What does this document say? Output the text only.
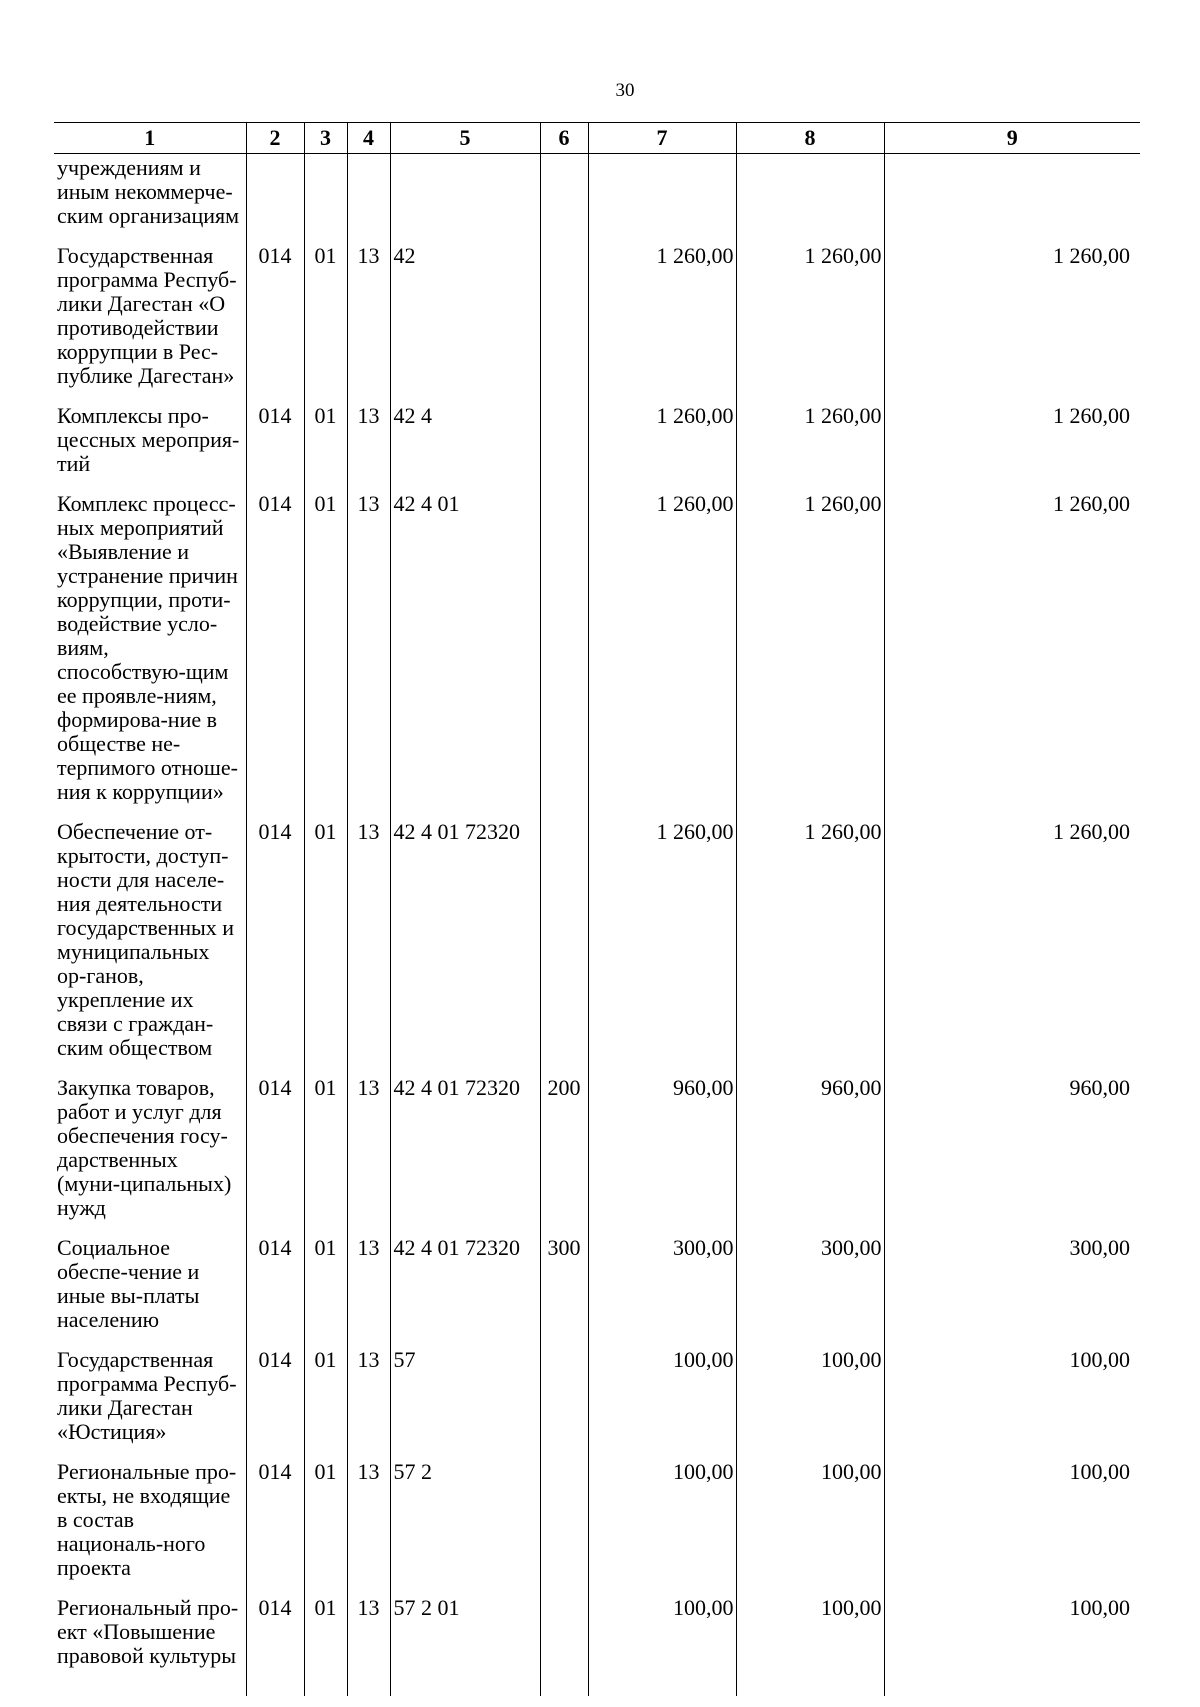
30
1	2	3	4	5	6	7	8	9
учреждениям и иным некоммерче-ским организациям								
Государственная программа Респуб-лики Дагестан «О противодействии коррупции в Рес-публике Дагестан»	014	01	13	42		1 260,00	1 260,00	1 260,00
Комплексы про-цессных мероприя-тий	014	01	13	42 4		1 260,00	1 260,00	1 260,00
Комплекс процесс-ных мероприятий «Выявление и устранение причин коррупции, проти-водействие усло-виям, способствую-щим ее проявле-ниям, формирова-ние в обществе не-терпимого отноше-ния к коррупции»	014	01	13	42 4 01		1 260,00	1 260,00	1 260,00
Обеспечение от-крытости, доступ-ности для населе-ния деятельности государственных и муниципальных ор-ганов, укрепление их связи с граждан-ским обществом	014	01	13	42 4 01 72320		1 260,00	1 260,00	1 260,00
Закупка товаров, работ и услуг для обеспечения госу-дарственных (муни-ципальных) нужд	014	01	13	42 4 01 72320	200	960,00	960,00	960,00
Социальное обеспе-чение и иные вы-платы населению	014	01	13	42 4 01 72320	300	300,00	300,00	300,00
Государственная программа Респуб-лики Дагестан «Юстиция»	014	01	13	57		100,00	100,00	100,00
Региональные про-екты, не входящие в состав националь-ного проекта	014	01	13	57 2		100,00	100,00	100,00
Региональный про-ект «Повышение правовой культуры	014	01	13	57 2 01		100,00	100,00	100,00
